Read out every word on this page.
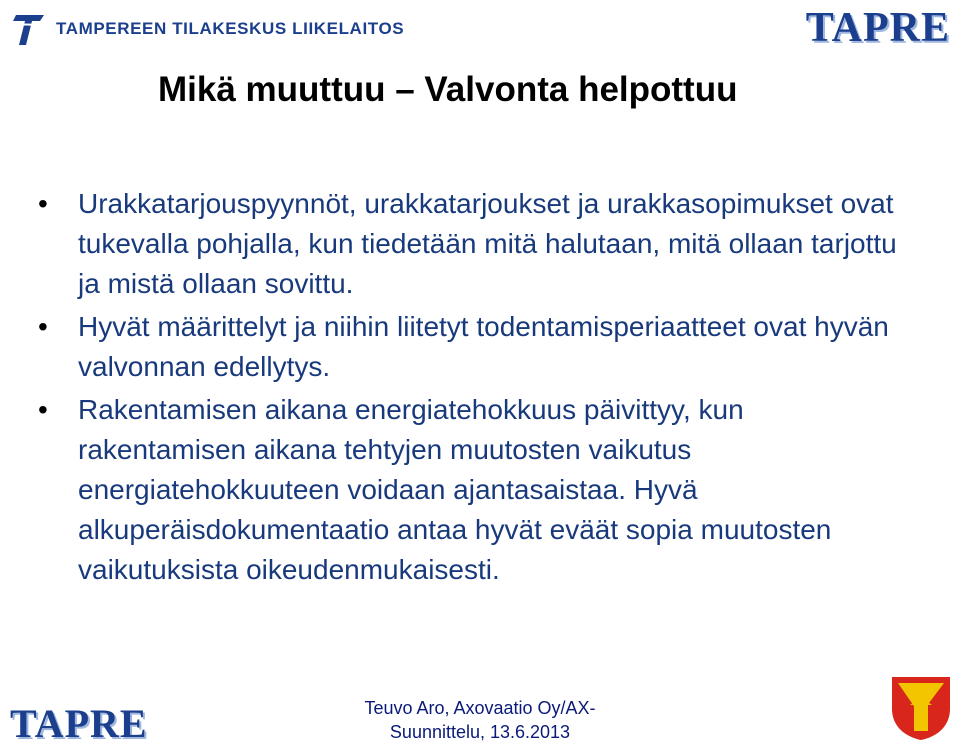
TAMPEREEN TILAKESKUS LIIKELAITOS	TAPRE
Mikä muuttuu – Valvonta helpottuu
• Urakkatarjouspyynnöt, urakkatarjoukset ja urakkasopimukset ovat tukevalla pohjalla, kun tiedetään mitä halutaan, mitä ollaan tarjottu ja mistä ollaan sovittu.
• Hyvät määrittelyt ja niihin liitetyt todentamisperiaatteet ovat hyvän valvonnan edellytys.
• Rakentamisen aikana energiatehokkuus päivittyy, kun rakentamisen aikana tehtyjen muutosten vaikutus energiatehokkuuteen voidaan ajantasaistaa. Hyvä alkuperäisdokumentaatio antaa hyvät eväät sopia muutosten vaikutuksista oikeudenmukaisesti.
TAPRE	Teuvo Aro, Axovaatio Oy/AX-
Suunnittelu, 13.6.2013
